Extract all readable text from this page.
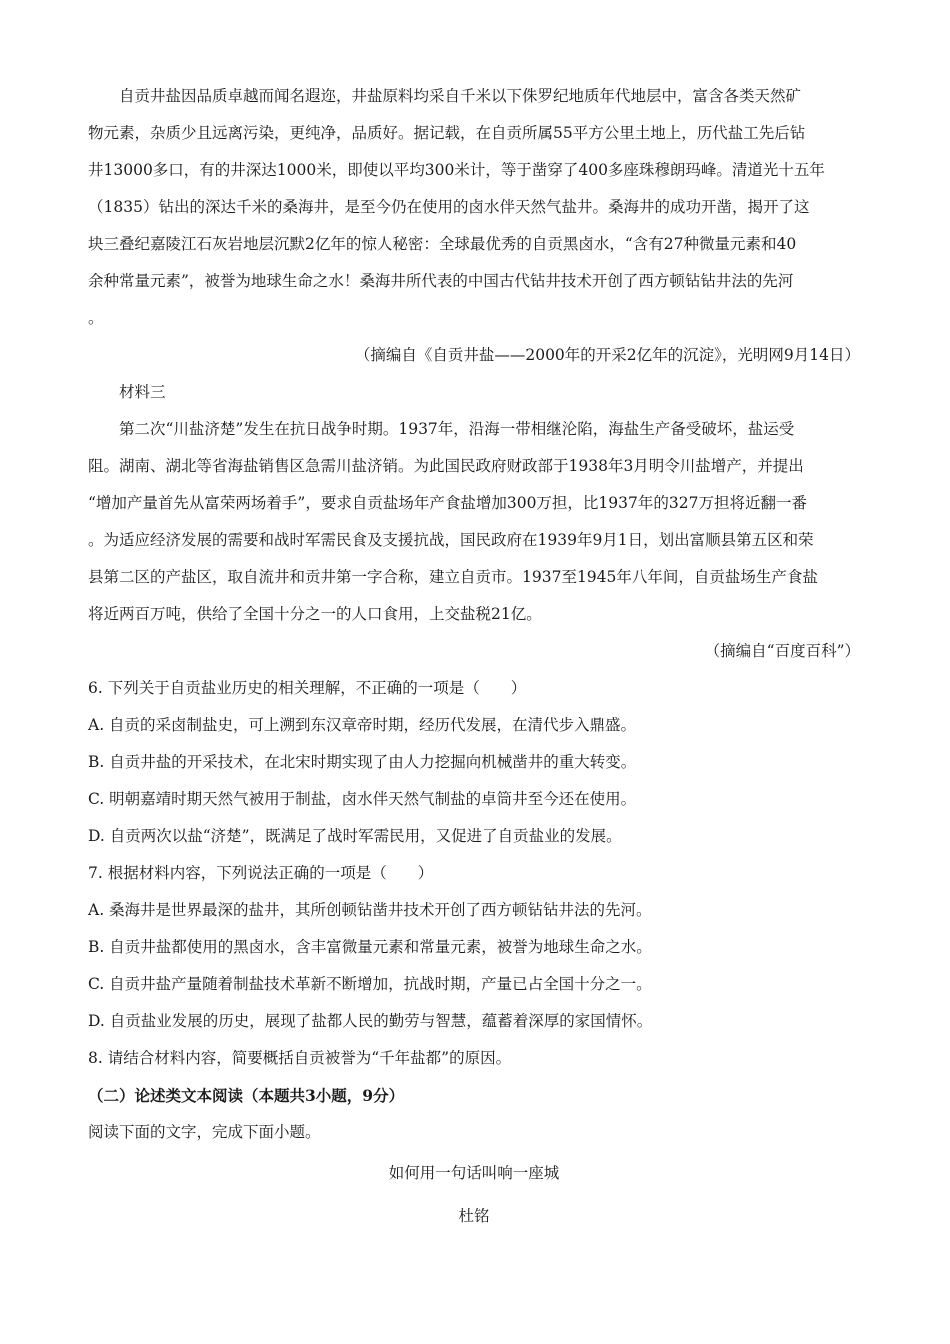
自贡井盐因品质卓越而闻名遐迩，井盐原料均采自千米以下侏罗纪地质年代地层中，富含各类天然矿

物元素，杂质少且远离污染，更纯净，品质好。据记载，在自贡所属55平方公里土地上，历代盐工先后钻

井13000多口，有的井深达1000米，即使以平均300米计，等于凿穿了400多座珠穆朗玛峰。清道光十五年

（1835）钻出的深达千米的桑海井，是至今仍在使用的卤水伴天然气盐井。桑海井的成功开凿，揭开了这

块三叠纪嘉陵江石灰岩地层沉默2亿年的惊人秘密：全球最优秀的自贡黑卤水，“含有27种微量元素和40

余种常量元素”，被誉为地球生命之水！桑海井所代表的中国古代钻井技术开创了西方顿钻钻井法的先河

。

（摘编自《自贡井盐——2000年的开采2亿年的沉淀》，光明网9月14日）

材料三

第二次“川盐济楚”发生在抗日战争时期。1937年，沿海一带相继沦陷，海盐生产备受破坏，盐运受

阻。湖南、湖北等省海盐销售区急需川盐济销。为此国民政府财政部于1938年3月明令川盐增产，并提出

“增加产量首先从富荣两场着手”，要求自贡盐场年产食盐增加300万担，比1937年的327万担将近翻一番

。为适应经济发展的需要和战时军需民食及支援抗战，国民政府在1939年9月1日，划出富顺县第五区和荣

县第二区的产盐区，取自流井和贡井第一字合称，建立自贡市。1937至1945年八年间，自贡盐场生产食盐

将近两百万吨，供给了全国十分之一的人口食用，上交盐税21亿。

（摘编自“百度百科”）

6. 下列关于自贡盐业历史的相关理解，不正确的一项是（　　）

A. 自贡的采卤制盐史，可上溯到东汉章帝时期，经历代发展，在清代步入鼎盛。

B. 自贡井盐的开采技术，在北宋时期实现了由人力挖掘向机械凿井的重大转变。

C. 明朝嘉靖时期天然气被用于制盐，卤水伴天然气制盐的卓筒井至今还在使用。

D. 自贡两次以盐“济楚”，既满足了战时军需民用，又促进了自贡盐业的发展。

7. 根据材料内容，下列说法正确的一项是（　　）

A. 桑海井是世界最深的盐井，其所创顿钻凿井技术开创了西方顿钻钻井法的先河。

B. 自贡井盐都使用的黑卤水，含丰富微量元素和常量元素，被誉为地球生命之水。

C. 自贡井盐产量随着制盐技术革新不断增加，抗战时期，产量已占全国十分之一。

D. 自贡盐业发展的历史，展现了盐都人民的勤劳与智慧，蕴蓄着深厚的家国情怀。

8. 请结合材料内容，简要概括自贡被誉为“千年盐都”的原因。

（二）论述类文本阅读（本题共3小题，9分）

阅读下面的文字，完成下面小题。

如何用一句话叫响一座城

杜铭
